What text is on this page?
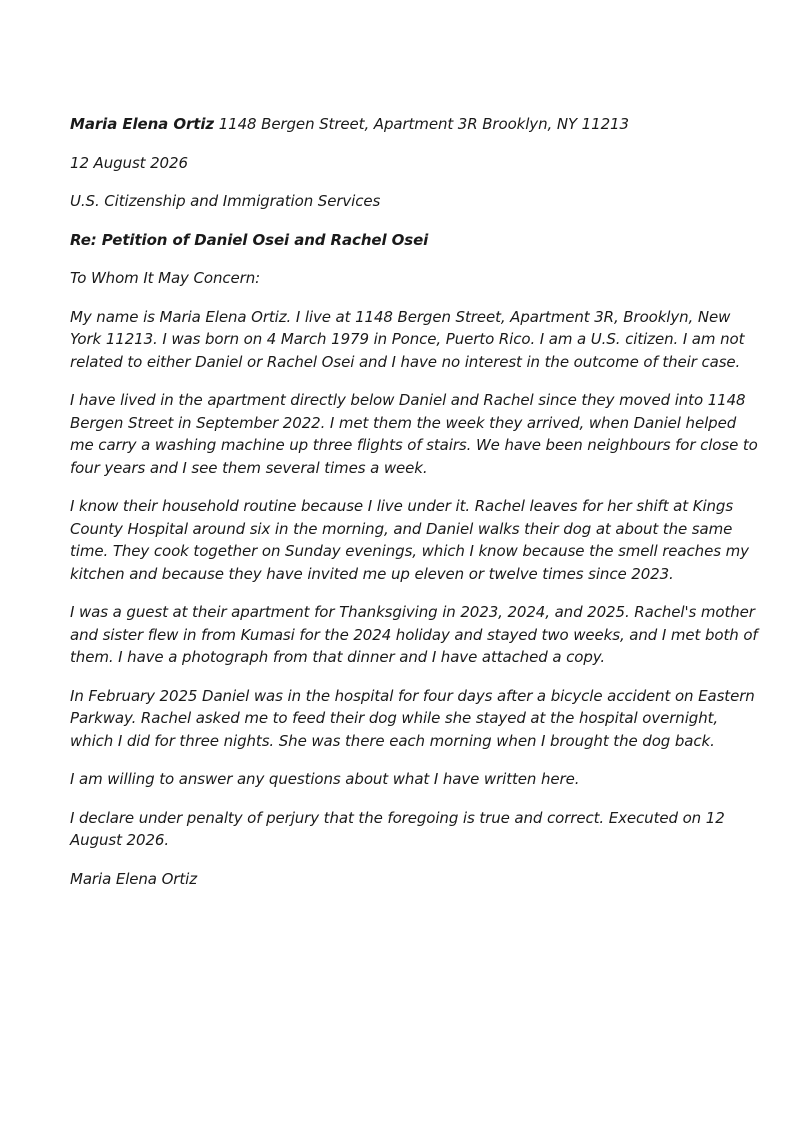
Maria Elena Ortiz 1148 Bergen Street, Apartment 3R Brooklyn, NY 11213

12 August 2026

U.S. Citizenship and Immigration Services

Re: Petition of Daniel Osei and Rachel Osei

To Whom It May Concern:

My name is Maria Elena Ortiz. I live at 1148 Bergen Street, Apartment 3R, Brooklyn, New York 11213. I was born on 4 March 1979 in Ponce, Puerto Rico. I am a U.S. citizen. I am not related to either Daniel or Rachel Osei and I have no interest in the outcome of their case.

I have lived in the apartment directly below Daniel and Rachel since they moved into 1148 Bergen Street in September 2022. I met them the week they arrived, when Daniel helped me carry a washing machine up three flights of stairs. We have been neighbours for close to four years and I see them several times a week.

I know their household routine because I live under it. Rachel leaves for her shift at Kings County Hospital around six in the morning, and Daniel walks their dog at about the same time. They cook together on Sunday evenings, which I know because the smell reaches my kitchen and because they have invited me up eleven or twelve times since 2023.

I was a guest at their apartment for Thanksgiving in 2023, 2024, and 2025. Rachel's mother and sister flew in from Kumasi for the 2024 holiday and stayed two weeks, and I met both of them. I have a photograph from that dinner and I have attached a copy.

In February 2025 Daniel was in the hospital for four days after a bicycle accident on Eastern Parkway. Rachel asked me to feed their dog while she stayed at the hospital overnight, which I did for three nights. She was there each morning when I brought the dog back.

I am willing to answer any questions about what I have written here.

I declare under penalty of perjury that the foregoing is true and correct. Executed on 12 August 2026.

Maria Elena Ortiz
